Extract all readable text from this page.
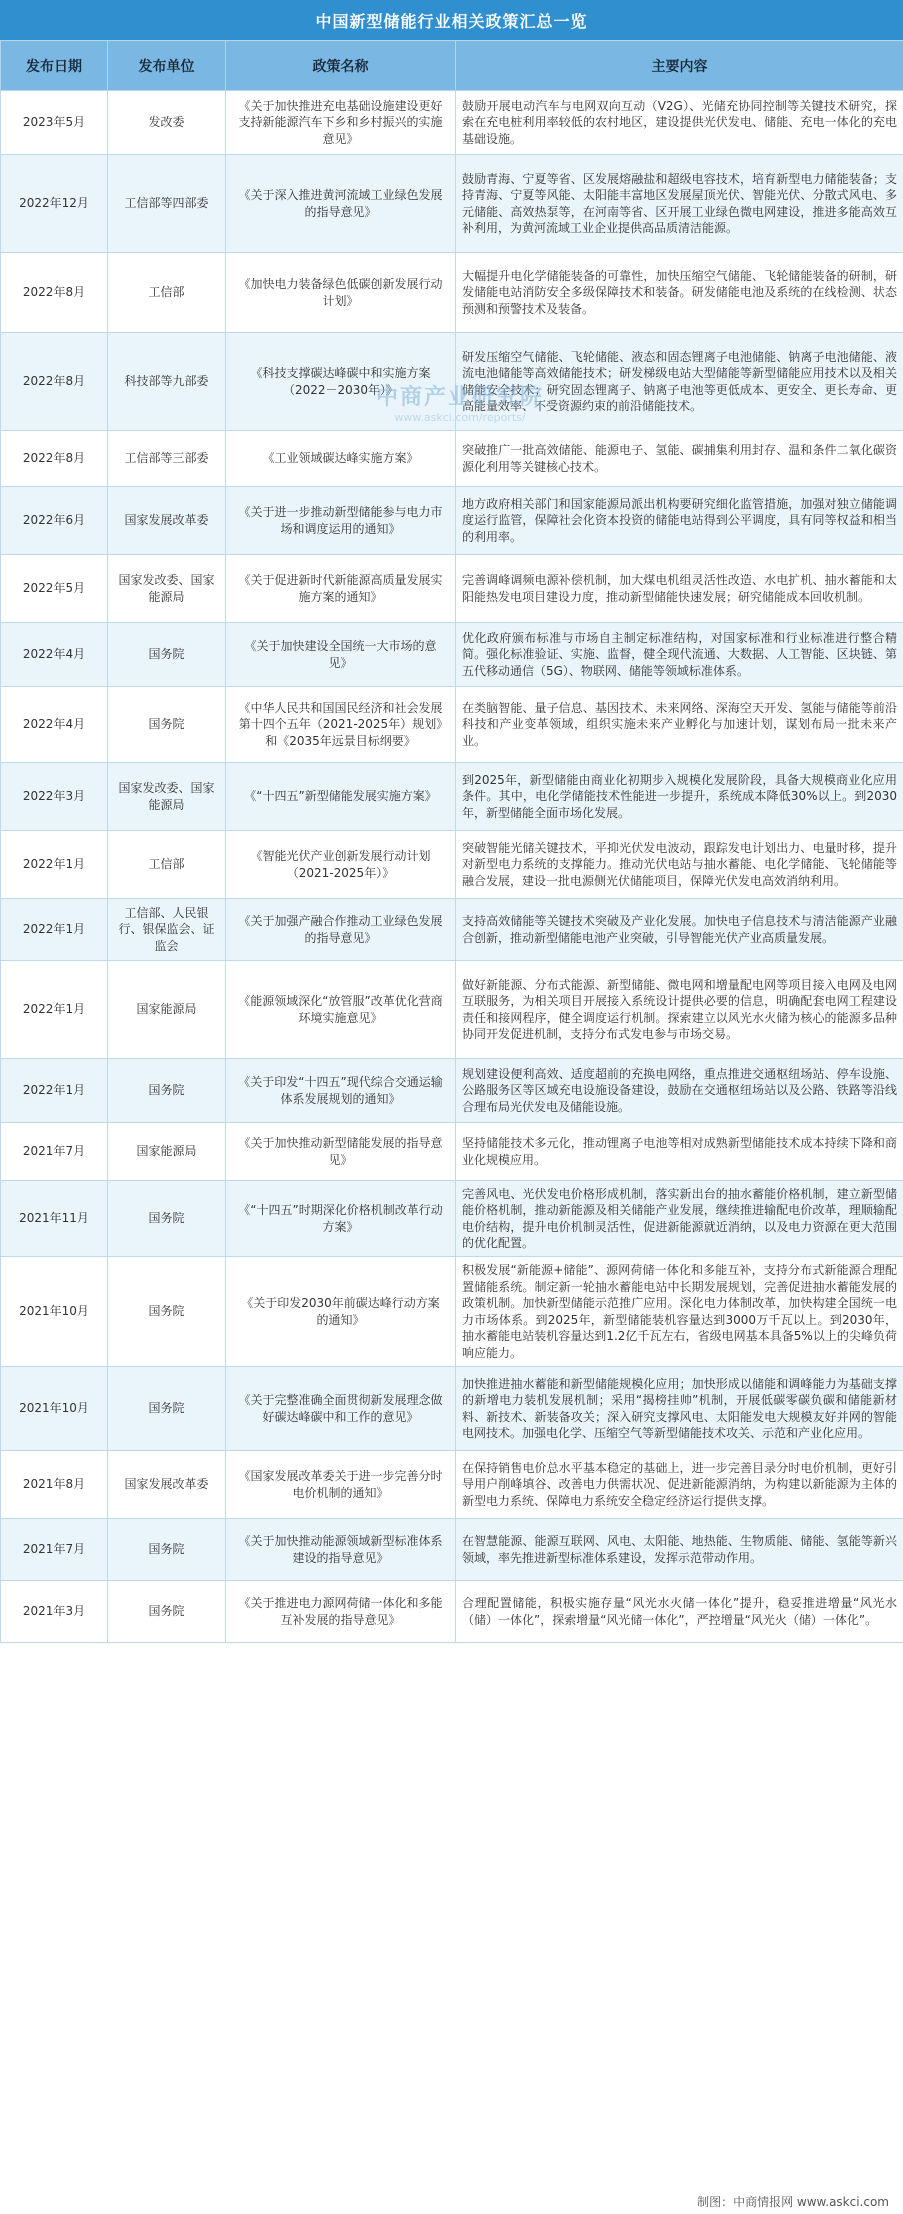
中国新型储能行业相关政策汇总一览
发布日期	发布单位	政策名称	主要内容
2023年5月	发改委	《关于加快推进充电基础设施建设更好支持新能源汽车下乡和乡村振兴的实施意见》	鼓励开展电动汽车与电网双向互动（V2G）、光储充协同控制等关键技术研究，探索在充电桩利用率较低的农村地区，建设提供光伏发电、储能、充电一体化的充电基础设施。
2022年12月	工信部等四部委	《关于深入推进黄河流域工业绿色发展的指导意见》	鼓励青海、宁夏等省、区发展熔融盐和超级电容技术，培育新型电力储能装备；支持青海、宁夏等风能、太阳能丰富地区发展屋顶光伏、智能光伏、分散式风电、多元储能、高效热泵等，在河南等省、区开展工业绿色微电网建设，推进多能高效互补利用，为黄河流域工业企业提供高品质清洁能源。
2022年8月	工信部	《加快电力装备绿色低碳创新发展行动计划》	大幅提升电化学储能装备的可靠性，加快压缩空气储能、飞轮储能装备的研制，研发储能电站消防安全多级保障技术和装备。研发储能电池及系统的在线检测、状态预测和预警技术及装备。
2022年8月	科技部等九部委	《科技支撑碳达峰碳中和实施方案（2022－2030年）》	研发压缩空气储能、飞轮储能、液态和固态锂离子电池储能、钠离子电池储能、液流电池储能等高效储能技术；研发梯级电站大型储能等新型储能应用技术以及相关储能安全技术；研究固态锂离子、钠离子电池等更低成本、更安全、更长寿命、更高能量效率、不受资源约束的前沿储能技术。
2022年8月	工信部等三部委	《工业领域碳达峰实施方案》	突破推广一批高效储能、能源电子、氢能、碳捕集利用封存、温和条件二氧化碳资源化利用等关键核心技术。
2022年6月	国家发展改革委	《关于进一步推动新型储能参与电力市场和调度运用的通知》	地方政府相关部门和国家能源局派出机构要研究细化监管措施，加强对独立储能调度运行监管，保障社会化资本投资的储能电站得到公平调度，具有同等权益和相当的利用率。
2022年5月	国家发改委、国家能源局	《关于促进新时代新能源高质量发展实施方案的通知》	完善调峰调频电源补偿机制，加大煤电机组灵活性改造、水电扩机、抽水蓄能和太阳能热发电项目建设力度，推动新型储能快速发展；研究储能成本回收机制。
2022年4月	国务院	《关于加快建设全国统一大市场的意见》	优化政府颁布标准与市场自主制定标准结构，对国家标准和行业标准进行整合精简。强化标准验证、实施、监督，健全现代流通、大数据、人工智能、区块链、第五代移动通信（5G）、物联网、储能等领域标准体系。
2022年4月	国务院	《中华人民共和国国民经济和社会发展第十四个五年（2021-2025年）规划》和《2035年远景目标纲要》	在类脑智能、量子信息、基因技术、未来网络、深海空天开发、氢能与储能等前沿科技和产业变革领域，组织实施未来产业孵化与加速计划，谋划布局一批未来产业。
2022年3月	国家发改委、国家能源局	《“十四五”新型储能发展实施方案》	到2025年，新型储能由商业化初期步入规模化发展阶段，具备大规模商业化应用条件。其中，电化学储能技术性能进一步提升，系统成本降低30%以上。到2030年，新型储能全面市场化发展。
2022年1月	工信部	《智能光伏产业创新发展行动计划（2021-2025年）》	突破智能光储关键技术，平抑光伏发电波动，跟踪发电计划出力、电量时移，提升对新型电力系统的支撑能力。推动光伏电站与抽水蓄能、电化学储能、飞轮储能等融合发展，建设一批电源侧光伏储能项目，保障光伏发电高效消纳利用。
2022年1月	工信部、人民银行、银保监会、证监会	《关于加强产融合作推动工业绿色发展的指导意见》	支持高效储能等关键技术突破及产业化发展。加快电子信息技术与清洁能源产业融合创新，推动新型储能电池产业突破，引导智能光伏产业高质量发展。
2022年1月	国家能源局	《能源领域深化“放管服”改革优化营商环境实施意见》	做好新能源、分布式能源、新型储能、微电网和增量配电网等项目接入电网及电网互联服务，为相关项目开展接入系统设计提供必要的信息，明确配套电网工程建设责任和接网程序，健全调度运行机制。探索建立以风光水火储为核心的能源多品种协同开发促进机制，支持分布式发电参与市场交易。
2022年1月	国务院	《关于印发“十四五”现代综合交通运输体系发展规划的通知》	规划建设便利高效、适度超前的充换电网络，重点推进交通枢纽场站、停车设施、公路服务区等区域充电设施设备建设，鼓励在交通枢纽场站以及公路、铁路等沿线合理布局光伏发电及储能设施。
2021年7月	国家能源局	《关于加快推动新型储能发展的指导意见》	坚持储能技术多元化，推动锂离子电池等相对成熟新型储能技术成本持续下降和商业化规模应用。
2021年11月	国务院	《“十四五”时期深化价格机制改革行动方案》	完善风电、光伏发电价格形成机制，落实新出台的抽水蓄能价格机制，建立新型储能价格机制，推动新能源及相关储能产业发展，继续推进输配电价改革，理顺输配电价结构，提升电价机制灵活性，促进新能源就近消纳，以及电力资源在更大范围的优化配置。
2021年10月	国务院	《关于印发2030年前碳达峰行动方案的通知》	积极发展“新能源+储能”、源网荷储一体化和多能互补，支持分布式新能源合理配置储能系统。制定新一轮抽水蓄能电站中长期发展规划，完善促进抽水蓄能发展的政策机制。加快新型储能示范推广应用。深化电力体制改革，加快构建全国统一电力市场体系。到2025年，新型储能装机容量达到3000万千瓦以上。到2030年，抽水蓄能电站装机容量达到1.2亿千瓦左右，省级电网基本具备5%以上的尖峰负荷响应能力。
2021年10月	国务院	《关于完整准确全面贯彻新发展理念做好碳达峰碳中和工作的意见》	加快推进抽水蓄能和新型储能规模化应用；加快形成以储能和调峰能力为基础支撑的新增电力装机发展机制；采用“揭榜挂帅”机制，开展低碳零碳负碳和储能新材料、新技术、新装备攻关；深入研究支撑风电、太阳能发电大规模友好并网的智能电网技术。加强电化学、压缩空气等新型储能技术攻关、示范和产业化应用。
2021年8月	国家发展改革委	《国家发展改革委关于进一步完善分时电价机制的通知》	在保持销售电价总水平基本稳定的基础上，进一步完善目录分时电价机制，更好引导用户削峰填谷、改善电力供需状况、促进新能源消纳，为构建以新能源为主体的新型电力系统、保障电力系统安全稳定经济运行提供支撑。
2021年7月	国务院	《关于加快推动能源领域新型标准体系建设的指导意见》	在智慧能源、能源互联网、风电、太阳能、地热能、生物质能、储能、氢能等新兴领域，率先推进新型标准体系建设，发挥示范带动作用。
2021年3月	国务院	《关于推进电力源网荷储一体化和多能互补发展的指导意见》	合理配置储能，积极实施存量“风光水火储一体化”提升，稳妥推进增量“风光水（储）一体化”，探索增量“风光储一体化”，严控增量“风光火（储）一体化”。
中商产业研究院
www.askci.com/reports/
制图：中商情报网 www.askci.com
